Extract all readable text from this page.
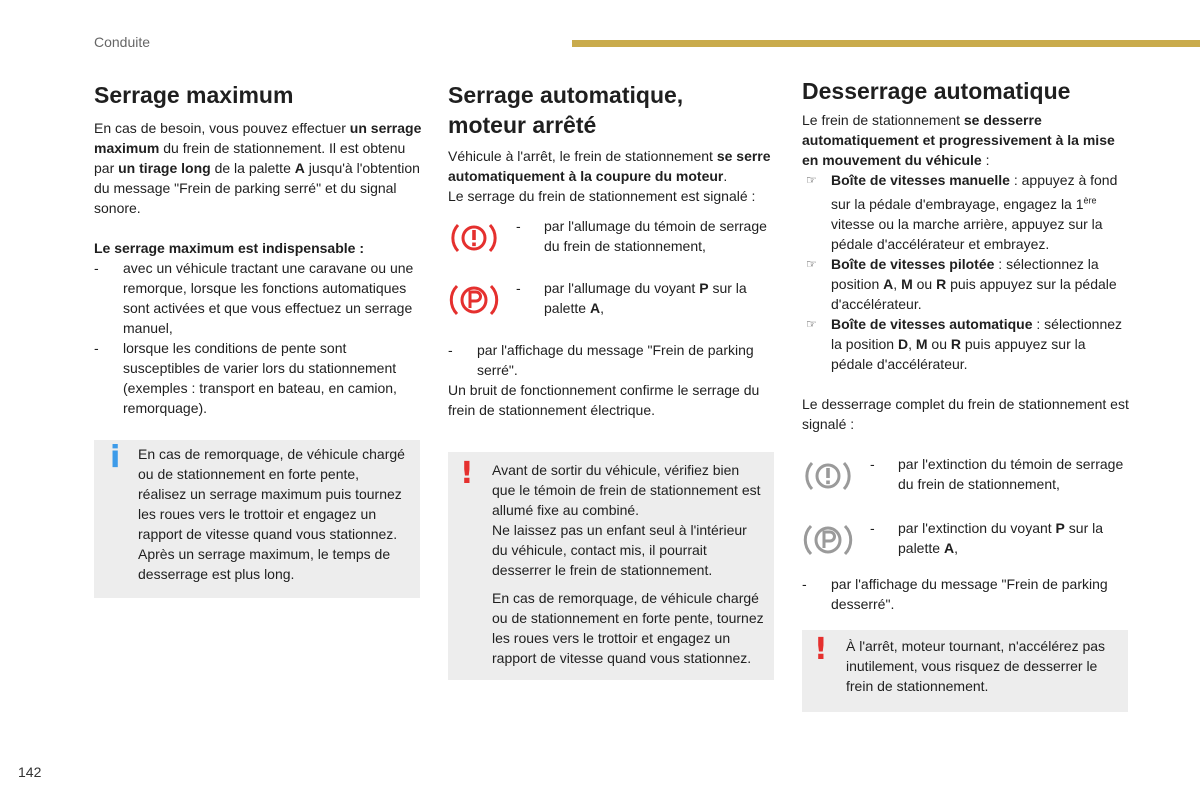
Conduite
Serrage maximum

En cas de besoin, vous pouvez effectuer un serrage maximum du frein de stationnement. Il est obtenu par un tirage long de la palette A jusqu'à l'obtention du message "Frein de parking serré" et du signal sonore.

Le serrage maximum est indispensable :

- avec un véhicule tractant une caravane ou une remorque, lorsque les fonctions automatiques sont activées et que vous effectuez un serrage manuel,
- lorsque les conditions de pente sont susceptibles de varier lors du stationnement (exemples : transport en bateau, en camion, remorquage).
i En cas de remorquage, de véhicule chargé ou de stationnement en forte pente, réalisez un serrage maximum puis tournez les roues vers le trottoir et engagez un rapport de vitesse quand vous stationnez.

Après un serrage maximum, le temps de desserrage est plus long.

Serrage automatique,
moteur arrêté

Véhicule à l'arrêt, le frein de stationnement se serre automatiquement à la coupure du moteur.

Le serrage du frein de stationnement est signalé :

- par l'allumage du témoin de serrage du frein de stationnement,

- par l'allumage du voyant P sur la palette A,

- par l'affichage du message "Frein de parking serré".

Un bruit de fonctionnement confirme le serrage du frein de stationnement électrique.

! Avant de sortir du véhicule, vérifiez bien que le témoin de frein de stationnement est allumé fixe au combiné.

Ne laissez pas un enfant seul à l'intérieur du véhicule, contact mis, il pourrait desserrer le frein de stationnement.

En cas de remorquage, de véhicule chargé ou de stationnement en forte pente, tournez les roues vers le trottoir et engagez un rapport de vitesse quand vous stationnez.

Desserrage automatique

Le frein de stationnement se desserre automatiquement et progressivement à la mise en mouvement du véhicule :

☞ Boîte de vitesses manuelle : appuyez à fond sur la pédale d'embrayage, engagez la 1ère vitesse ou la marche arrière, appuyez sur la pédale d'accélérateur et embrayez.
☞ Boîte de vitesses pilotée : sélectionnez la position A, M ou R puis appuyez sur la pédale d'accélérateur.
☞ Boîte de vitesses automatique : sélectionnez la position D, M ou R puis appuyez sur la pédale d'accélérateur.

Le desserrage complet du frein de stationnement est signalé :

- par l'extinction du témoin de serrage du frein de stationnement,

- par l'extinction du voyant P sur la palette A,

- par l'affichage du message "Frein de parking desserré".
! À l'arrêt, moteur tournant, n'accélérez pas inutilement, vous risquez de desserrer le frein de stationnement.

142
